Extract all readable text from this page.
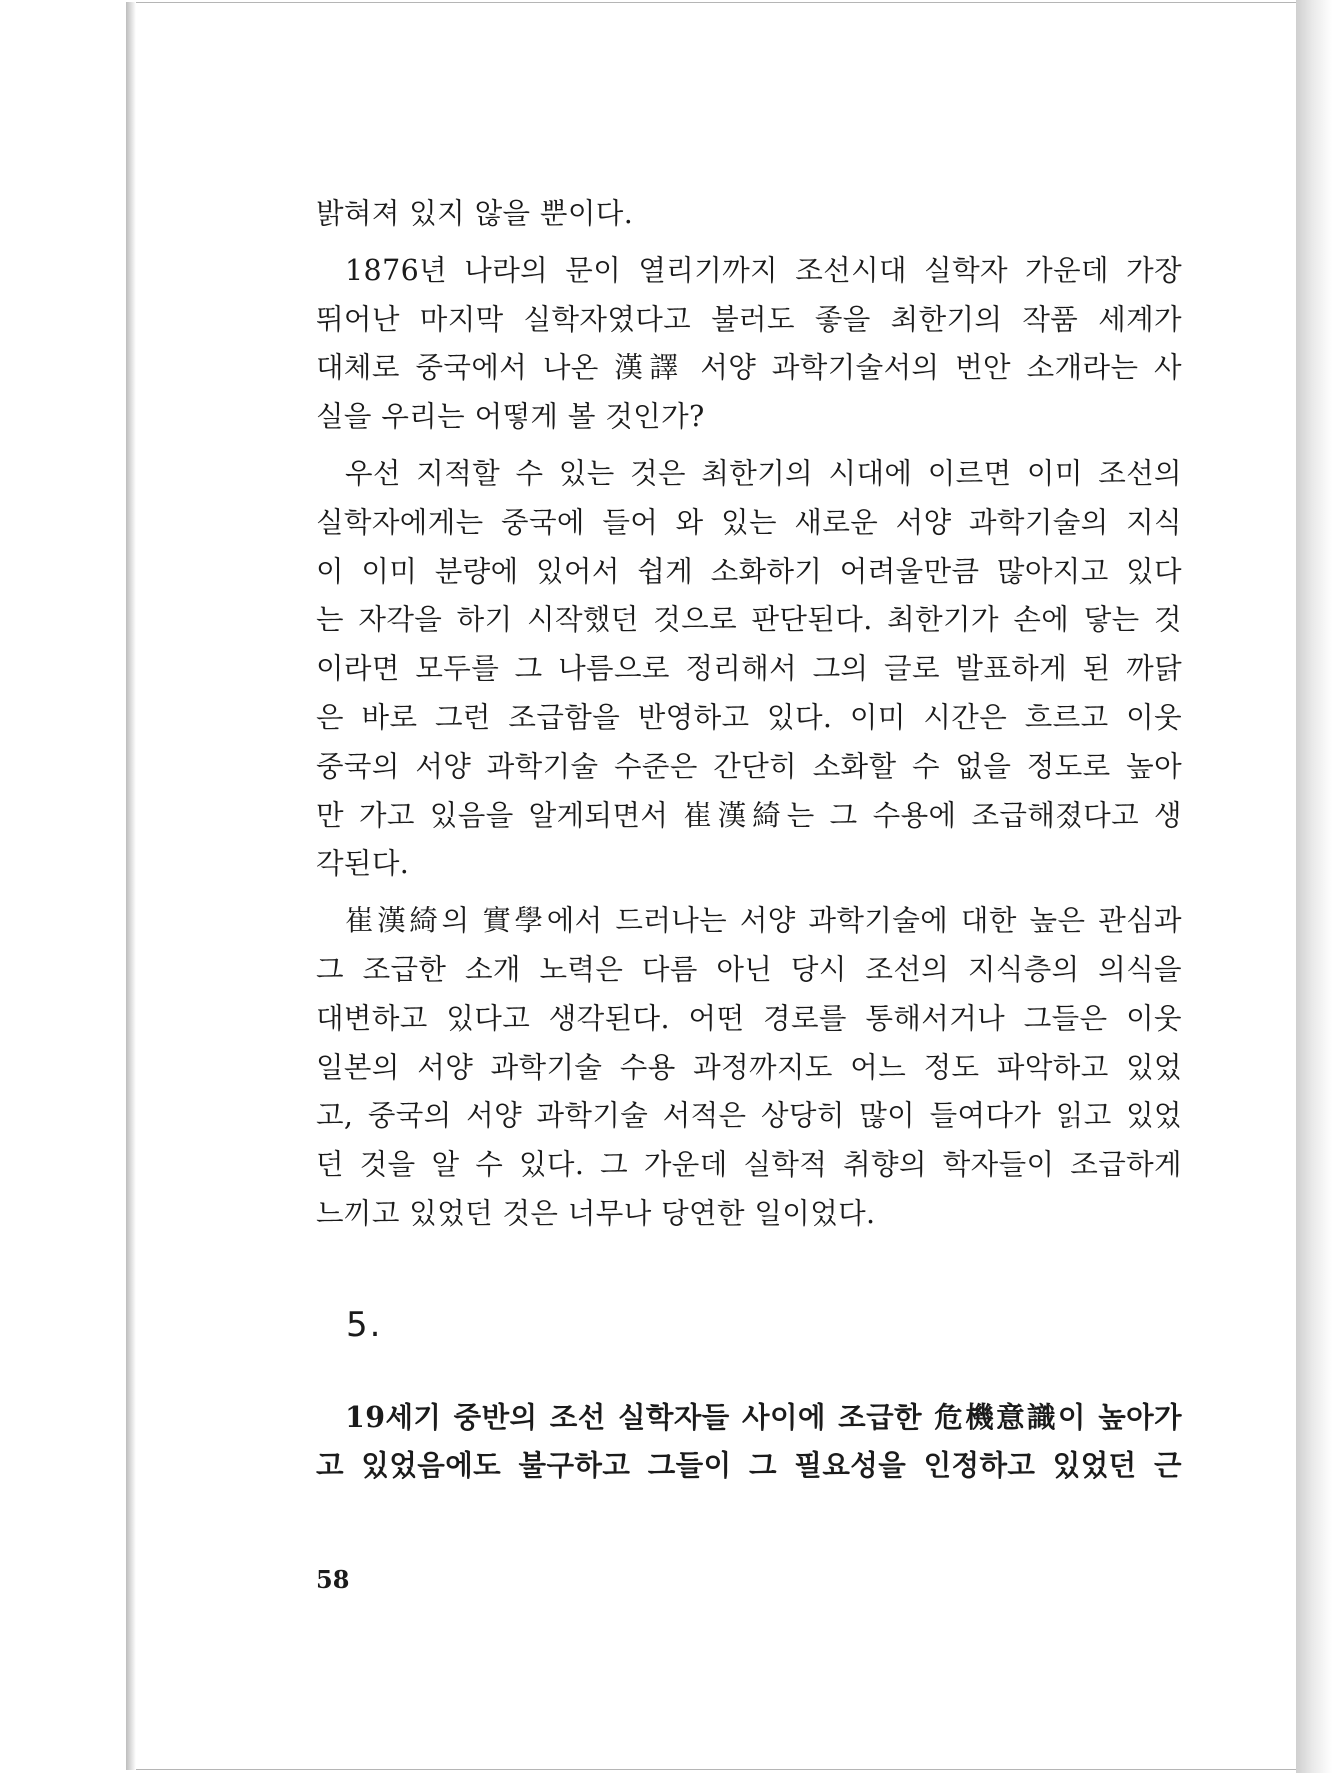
밝혀져 있지 않을 뿐이다.

1876년 나라의 문이 열리기까지 조선시대 실학자 가운데 가장
뛰어난 마지막 실학자였다고 불러도 좋을 최한기의 작품 세계가
대체로 중국에서 나온 漢譯 서양 과학기술서의 번안 소개라는 사
실을 우리는 어떻게 볼 것인가?

우선 지적할 수 있는 것은 최한기의 시대에 이르면 이미 조선의
실학자에게는 중국에 들어 와 있는 새로운 서양 과학기술의 지식
이 이미 분량에 있어서 쉽게 소화하기 어려울만큼 많아지고 있다
는 자각을 하기 시작했던 것으로 판단된다. 최한기가 손에 닿는 것
이라면 모두를 그 나름으로 정리해서 그의 글로 발표하게 된 까닭
은 바로 그런 조급함을 반영하고 있다. 이미 시간은 흐르고 이웃
중국의 서양 과학기술 수준은 간단히 소화할 수 없을 정도로 높아
만 가고 있음을 알게되면서 崔漢綺는 그 수용에 조급해졌다고 생
각된다.

崔漢綺의 實學에서 드러나는 서양 과학기술에 대한 높은 관심과
그 조급한 소개 노력은 다름 아닌 당시 조선의 지식층의 의식을
대변하고 있다고 생각된다. 어떤 경로를 통해서거나 그들은 이웃
일본의 서양 과학기술 수용 과정까지도 어느 정도 파악하고 있었
고, 중국의 서양 과학기술 서적은 상당히 많이 들여다가 읽고 있었
던 것을 알 수 있다. 그 가운데 실학적 취향의 학자들이 조급하게
느끼고 있었던 것은 너무나 당연한 일이었다.

5.
19세기 중반의 조선 실학자들 사이에 조급한 危機意識이 높아가
고 있었음에도 불구하고 그들이 그 필요성을 인정하고 있었던 근
58
